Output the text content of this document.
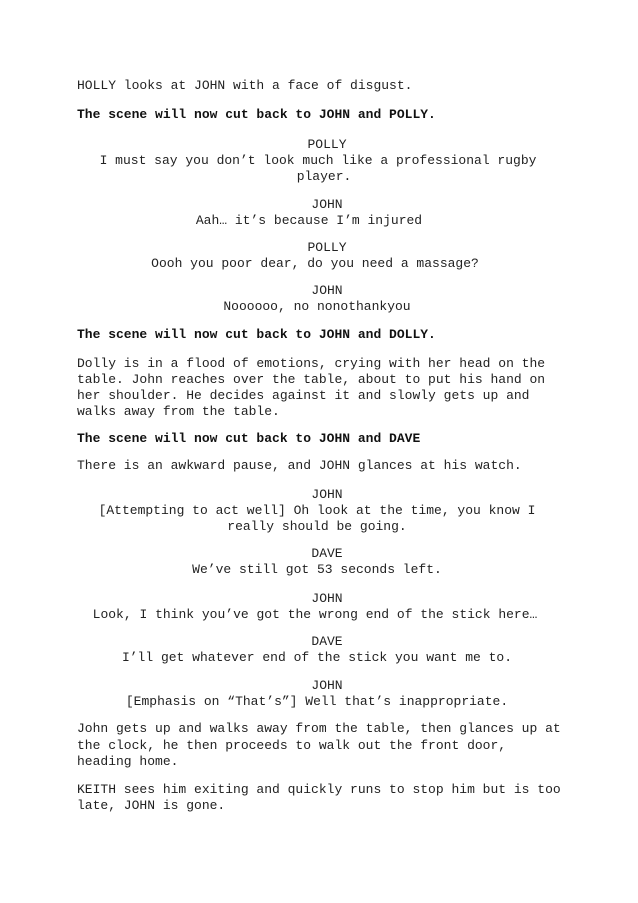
HOLLY looks at JOHN with a face of disgust.

The scene will now cut back to JOHN and POLLY.

POLLY

I must say you don’t look much like a professional rugby

player.

JOHN

Aah… it’s because I’m injured

POLLY

Oooh you poor dear, do you need a massage?

JOHN

Noooooo, no nonothankyou

The scene will now cut back to JOHN and DOLLY.

Dolly is in a flood of emotions, crying with her head on the

table. John reaches over the table, about to put his hand on

her shoulder. He decides against it and slowly gets up and

walks away from the table.

The scene will now cut back to JOHN and DAVE

There is an awkward pause, and JOHN glances at his watch.

JOHN

[Attempting to act well] Oh look at the time, you know I

really should be going.

DAVE

We’ve still got 53 seconds left.

JOHN

Look, I think you’ve got the wrong end of the stick here…

DAVE

I’ll get whatever end of the stick you want me to.

JOHN

[Emphasis on “That’s”] Well that’s inappropriate.

John gets up and walks away from the table, then glances up at

the clock, he then proceeds to walk out the front door,

heading home.

KEITH sees him exiting and quickly runs to stop him but is too

late, JOHN is gone.
